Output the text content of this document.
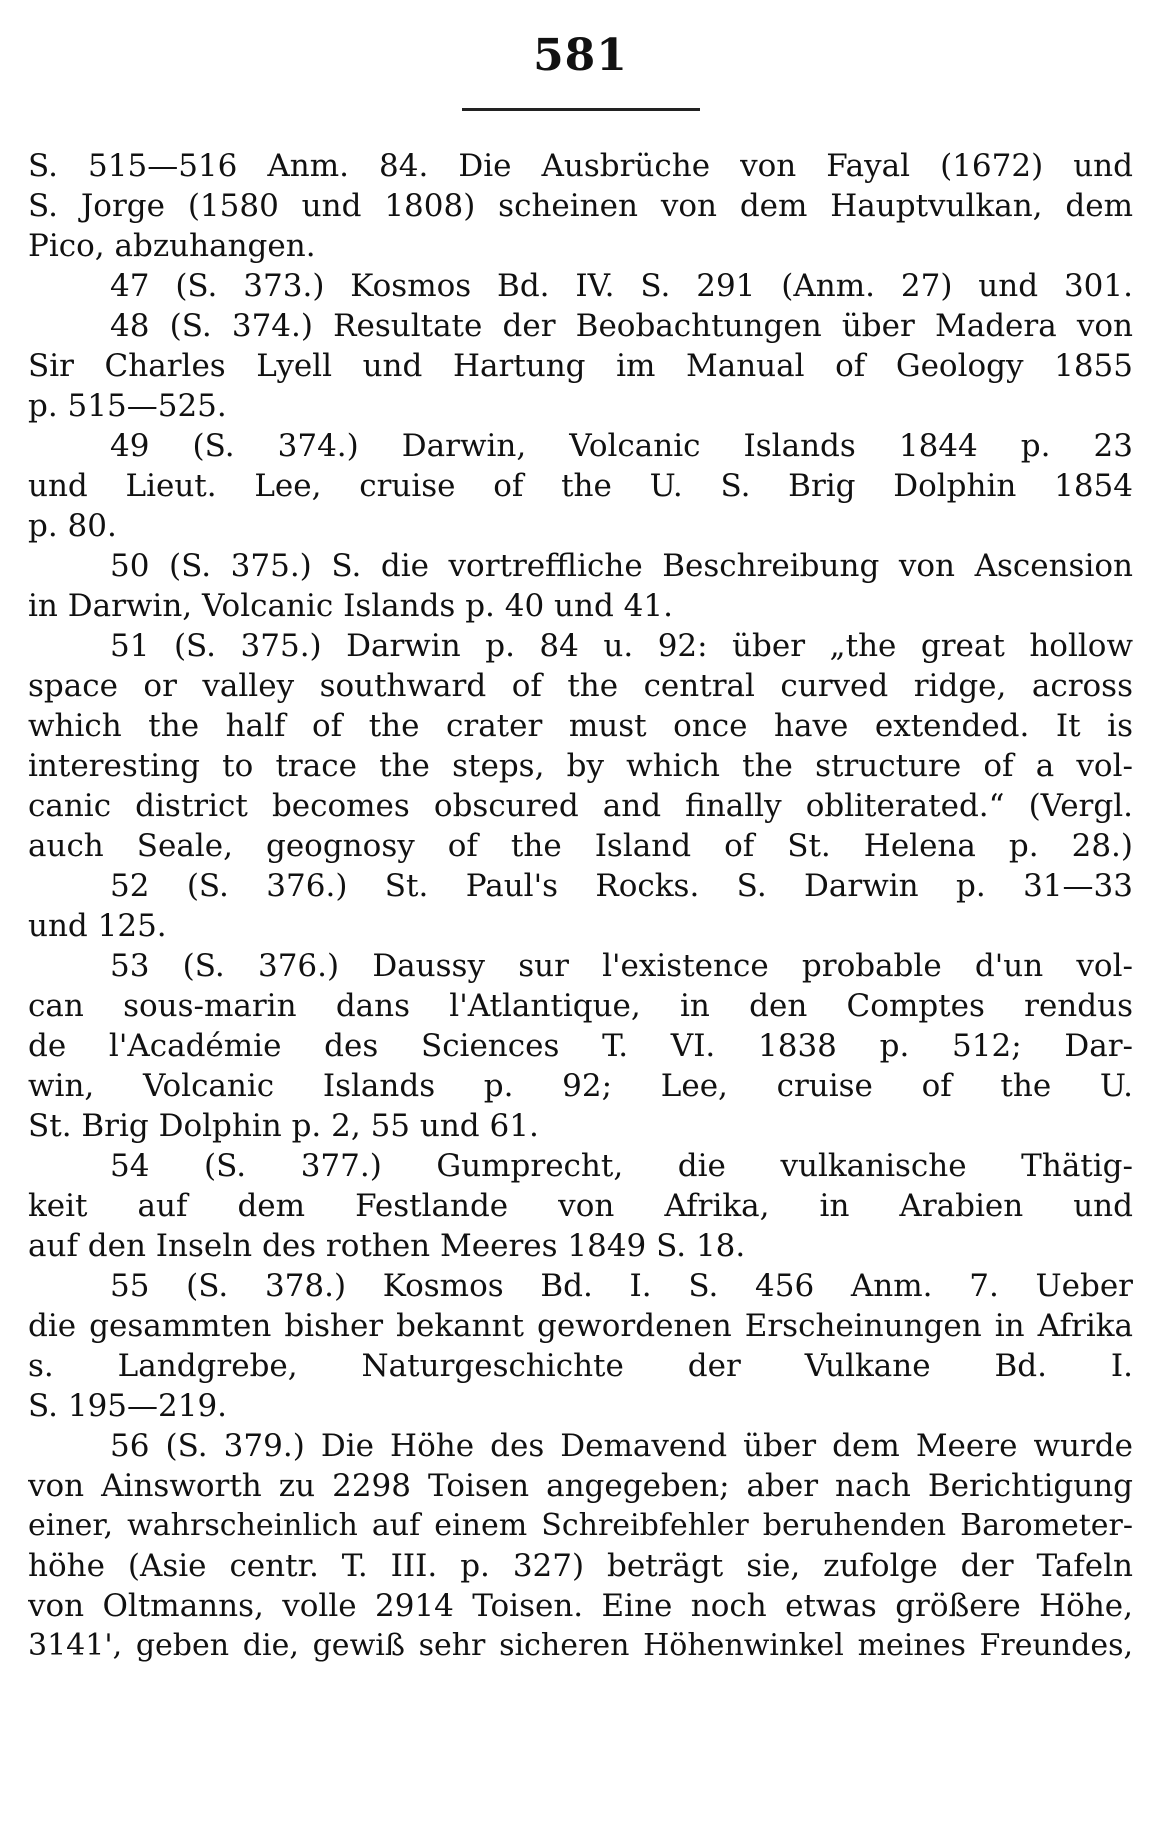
581
S. 515—516 Anm. 84. Die Ausbrüche von Fayal (1672) und
S. Jorge (1580 und 1808) scheinen von dem Hauptvulkan, dem
Pico, abzuhangen.
47 (S. 373.) Kosmos Bd. IV. S. 291 (Anm. 27) und 301.
48 (S. 374.) Resultate der Beobachtungen über Madera von
Sir Charles Lyell und Hartung im Manual of Geology 1855
p. 515—525.
49 (S. 374.) Darwin, Volcanic Islands 1844 p. 23
und Lieut. Lee, cruise of the U. S. Brig Dolphin 1854
p. 80.
50 (S. 375.) S. die vortreffliche Beschreibung von Ascension
in Darwin, Volcanic Islands p. 40 und 41.
51 (S. 375.) Darwin p. 84 u. 92: über „the great hollow
space or valley southward of the central curved ridge, across
which the half of the crater must once have extended. It is
interesting to trace the steps, by which the structure of a vol-
canic district becomes obscured and finally obliterated.“ (Vergl.
auch Seale, geognosy of the Island of St. Helena p. 28.)
52 (S. 376.) St. Paul's Rocks. S. Darwin p. 31—33
und 125.
53 (S. 376.) Daussy sur l'existence probable d'un vol-
can sous-marin dans l'Atlantique, in den Comptes rendus
de l'Académie des Sciences T. VI. 1838 p. 512; Dar-
win, Volcanic Islands p. 92; Lee, cruise of the U.
St. Brig Dolphin p. 2, 55 und 61.
54 (S. 377.) Gumprecht, die vulkanische Thätig-
keit auf dem Festlande von Afrika, in Arabien und
auf den Inseln des rothen Meeres 1849 S. 18.
55 (S. 378.) Kosmos Bd. I. S. 456 Anm. 7. Ueber
die gesammten bisher bekannt gewordenen Erscheinungen in Afrika
s. Landgrebe, Naturgeschichte der Vulkane Bd. I.
S. 195—219.
56 (S. 379.) Die Höhe des Demavend über dem Meere wurde
von Ainsworth zu 2298 Toisen angegeben; aber nach Berichtigung
einer, wahrscheinlich auf einem Schreibfehler beruhenden Barometer-
höhe (Asie centr. T. III. p. 327) beträgt sie, zufolge der Tafeln
von Oltmanns, volle 2914 Toisen. Eine noch etwas größere Höhe,
3141', geben die, gewiß sehr sicheren Höhenwinkel meines Freundes,
